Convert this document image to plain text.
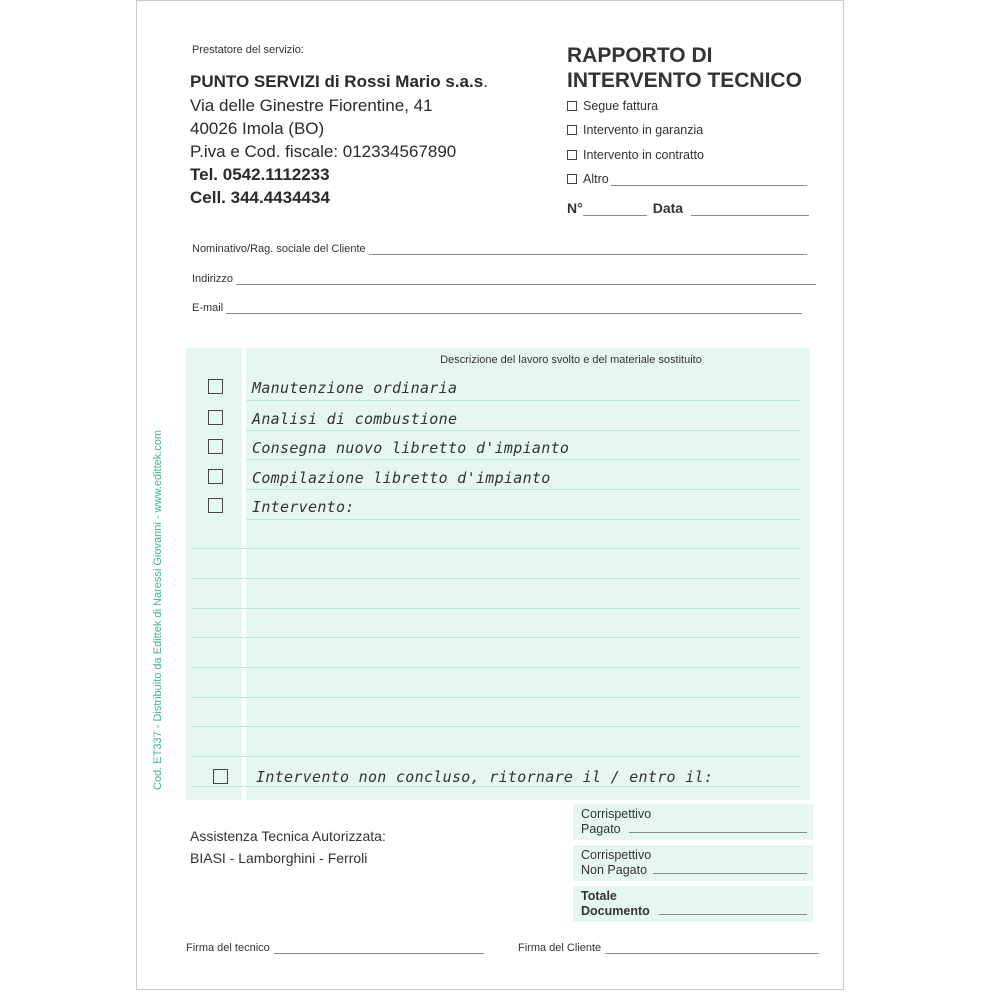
Prestatore del servizio:
PUNTO SERVIZI di Rossi Mario s.a.s.
Via delle Ginestre Fiorentine, 41
40026 Imola (BO)
P.iva e Cod. fiscale: 012334567890
Tel. 0542.1112233
Cell. 344.4434434
RAPPORTO DI
INTERVENTO TECNICO
Segue fattura
Intervento in garanzia
Intervento in contratto
Altro
N°	Data
Nominativo/Rag. sociale del Cliente
Indirizzo
E-mail
Cod. ET337 - Distribuito da Edittek di Naressi Giovanni - www.edittek.com
Descrizione del lavoro svolto e del materiale sostituito
Manutenzione ordinaria
Analisi di combustione
Consegna nuovo libretto d'impianto
Compilazione libretto d'impianto
Intervento:
Intervento non concluso, ritornare il / entro il:
Assistenza Tecnica Autorizzata:
BIASI - Lamborghini - Ferroli
Corrispettivo
Pagato
Corrispettivo
Non Pagato
Totale
Documento
Firma del tecnico	Firma del Cliente
